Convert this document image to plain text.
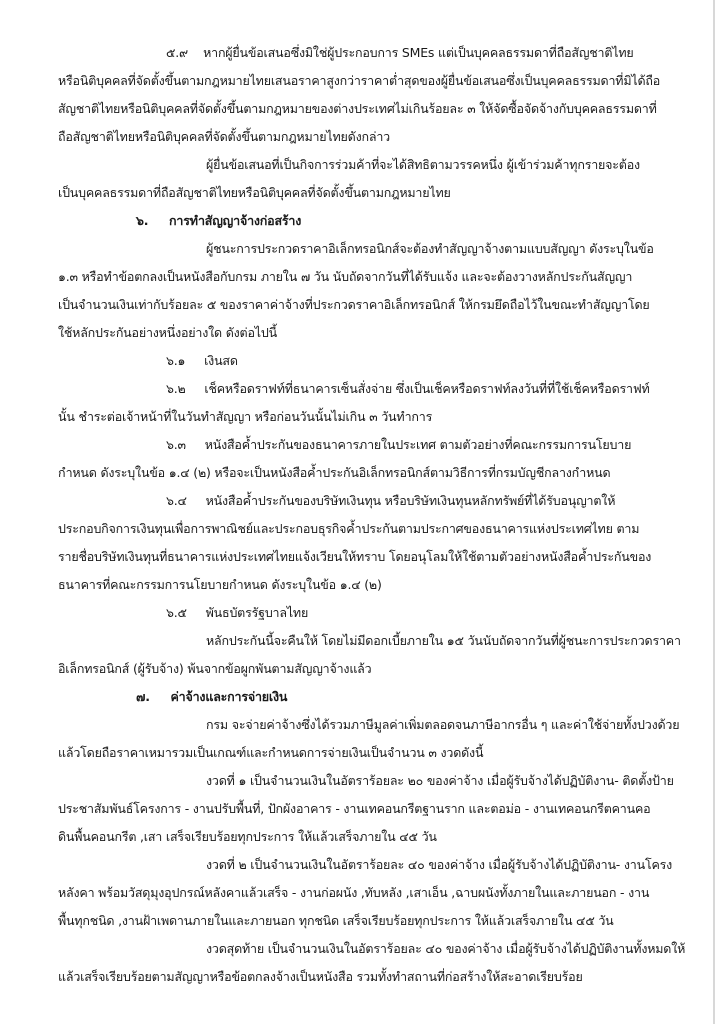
๕.๙    หากผู้ยื่นข้อเสนอซึ่งมิใช่ผู้ประกอบการ SMEs แต่เป็นบุคคลธรรมดาที่ถือสัญชาติไทย
หรือนิติบุคคลที่จัดตั้งขึ้นตามกฎหมายไทยเสนอราคาสูงกว่าราคาต่ำสุดของผู้ยื่นข้อเสนอซึ่งเป็นบุคคลธรรมดาที่มิได้ถือ
สัญชาติไทยหรือนิติบุคคลที่จัดตั้งขึ้นตามกฎหมายของต่างประเทศไม่เกินร้อยละ ๓ ให้จัดซื้อจัดจ้างกับบุคคลธรรมดาที่
ถือสัญชาติไทยหรือนิติบุคคลที่จัดตั้งขึ้นตามกฎหมายไทยดังกล่าว
ผู้ยื่นข้อเสนอที่เป็นกิจการร่วมค้าที่จะได้สิทธิตามวรรคหนึ่ง ผู้เข้าร่วมค้าทุกรายจะต้อง
เป็นบุคคลธรรมดาที่ถือสัญชาติไทยหรือนิติบุคคลที่จัดตั้งขึ้นตามกฎหมายไทย
๖.     การทำสัญญาจ้างก่อสร้าง
ผู้ชนะการประกวดราคาอิเล็กทรอนิกส์จะต้องทำสัญญาจ้างตามแบบสัญญา ดังระบุในข้อ
๑.๓ หรือทำข้อตกลงเป็นหนังสือกับกรม ภายใน ๗ วัน นับถัดจากวันที่ได้รับแจ้ง และจะต้องวางหลักประกันสัญญา
เป็นจำนวนเงินเท่ากับร้อยละ ๕ ของราคาค่าจ้างที่ประกวดราคาอิเล็กทรอนิกส์ ให้กรมยึดถือไว้ในขณะทำสัญญาโดย
ใช้หลักประกันอย่างหนึ่งอย่างใด ดังต่อไปนี้
๖.๑     เงินสด
๖.๒     เช็คหรือดราฟท์ที่ธนาคารเซ็นสั่งจ่าย ซึ่งเป็นเช็คหรือดราฟท์ลงวันที่ที่ใช้เช็คหรือดราฟท์
นั้น ชำระต่อเจ้าหน้าที่ในวันทำสัญญา หรือก่อนวันนั้นไม่เกิน ๓ วันทำการ
๖.๓     หนังสือค้ำประกันของธนาคารภายในประเทศ ตามตัวอย่างที่คณะกรรมการนโยบาย
กำหนด ดังระบุในข้อ ๑.๔ (๒) หรือจะเป็นหนังสือค้ำประกันอิเล็กทรอนิกส์ตามวิธีการที่กรมบัญชีกลางกำหนด
๖.๔     หนังสือค้ำประกันของบริษัทเงินทุน หรือบริษัทเงินทุนหลักทรัพย์ที่ได้รับอนุญาตให้
ประกอบกิจการเงินทุนเพื่อการพาณิชย์และประกอบธุรกิจค้ำประกันตามประกาศของธนาคารแห่งประเทศไทย ตาม
รายชื่อบริษัทเงินทุนที่ธนาคารแห่งประเทศไทยแจ้งเวียนให้ทราบ โดยอนุโลมให้ใช้ตามตัวอย่างหนังสือค้ำประกันของ
ธนาคารที่คณะกรรมการนโยบายกำหนด ดังระบุในข้อ ๑.๔ (๒)
๖.๕     พันธบัตรรัฐบาลไทย
หลักประกันนี้จะคืนให้ โดยไม่มีดอกเบี้ยภายใน ๑๕ วันนับถัดจากวันที่ผู้ชนะการประกวดราคา
อิเล็กทรอนิกส์ (ผู้รับจ้าง) พ้นจากข้อผูกพันตามสัญญาจ้างแล้ว
๗.     ค่าจ้างและการจ่ายเงิน
กรม จะจ่ายค่าจ้างซึ่งได้รวมภาษีมูลค่าเพิ่มตลอดจนภาษีอากรอื่น ๆ และค่าใช้จ่ายทั้งปวงด้วย
แล้วโดยถือราคาเหมารวมเป็นเกณฑ์และกำหนดการจ่ายเงินเป็นจำนวน ๓ งวดดังนี้
งวดที่ ๑ เป็นจำนวนเงินในอัตราร้อยละ ๒๐ ของค่าจ้าง เมื่อผู้รับจ้างได้ปฏิบัติงาน- ติดตั้งป้าย
ประชาสัมพันธ์โครงการ - งานปรับพื้นที่, ปักผังอาคาร - งานเทคอนกรีตฐานราก และตอม่อ - งานเทคอนกรีตคานคอ
ดินพื้นคอนกรีต ,เสา เสร็จเรียบร้อยทุกประการ ให้แล้วเสร็จภายใน ๔๕ วัน
งวดที่ ๒ เป็นจำนวนเงินในอัตราร้อยละ ๔๐ ของค่าจ้าง เมื่อผู้รับจ้างได้ปฏิบัติงาน- งานโครง
หลังคา พร้อมวัสดุมุงอุปกรณ์หลังคาแล้วเสร็จ - งานก่อผนัง ,ทับหลัง ,เสาเอ็น ,ฉาบผนังทั้งภายในและภายนอก - งาน
พื้นทุกชนิด ,งานฝ้าเพดานภายในและภายนอก ทุกชนิด เสร็จเรียบร้อยทุกประการ ให้แล้วเสร็จภายใน ๔๕ วัน
งวดสุดท้าย เป็นจำนวนเงินในอัตราร้อยละ ๔๐ ของค่าจ้าง เมื่อผู้รับจ้างได้ปฏิบัติงานทั้งหมดให้
แล้วเสร็จเรียบร้อยตามสัญญาหรือข้อตกลงจ้างเป็นหนังสือ รวมทั้งทำสถานที่ก่อสร้างให้สะอาดเรียบร้อย
